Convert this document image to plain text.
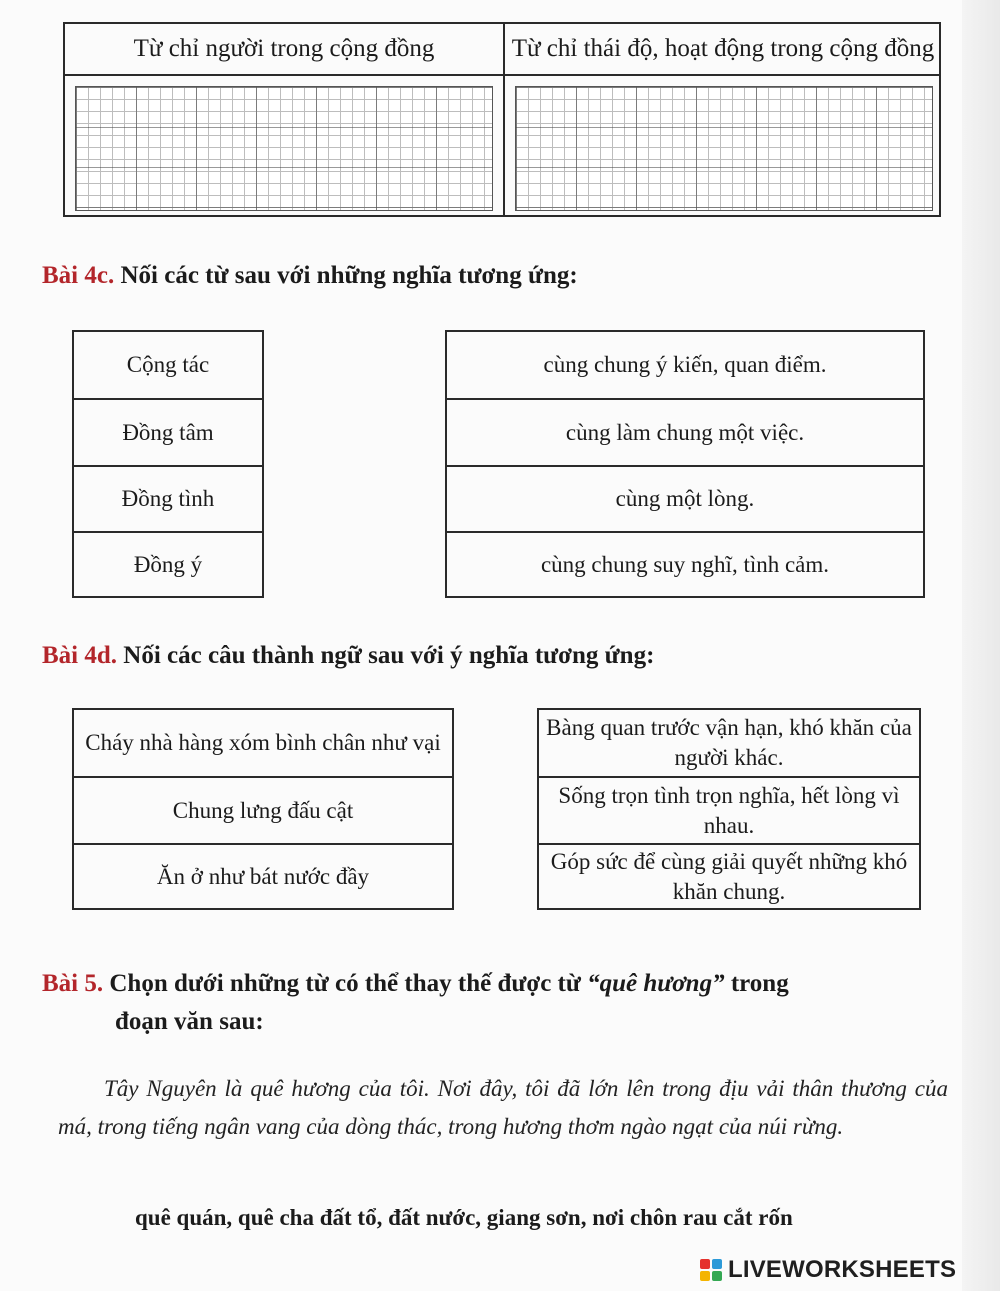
Từ chỉ người trong cộng đồng	Từ chỉ thái độ, hoạt động trong cộng đồng
Bài 4c. Nối các từ sau với những nghĩa tương ứng:
Cộng tác
Đồng tâm
Đồng tình
Đồng ý
cùng chung ý kiến, quan điểm.
cùng làm chung một việc.
cùng một lòng.
cùng chung suy nghĩ, tình cảm.
Bài 4d. Nối các câu thành ngữ sau với ý nghĩa tương ứng:
Cháy nhà hàng xóm bình chân như vại
Chung lưng đấu cật
Ăn ở như bát nước đầy
Bàng quan trước vận hạn, khó khăn của người khác.
Sống trọn tình trọn nghĩa, hết lòng vì nhau.
Góp sức để cùng giải quyết những khó khăn chung.
Bài 5. Chọn dưới những từ có thể thay thế được từ “quê hương” trong
đoạn văn sau:
Tây Nguyên là quê hương của tôi. Nơi đây, tôi đã lớn lên trong địu vải thân thương của má, trong tiếng ngân vang của dòng thác, trong hương thơm ngào ngạt của núi rừng.
quê quán, quê cha đất tổ, đất nước, giang sơn, nơi chôn rau cắt rốn
LIVEWORKSHEETS
